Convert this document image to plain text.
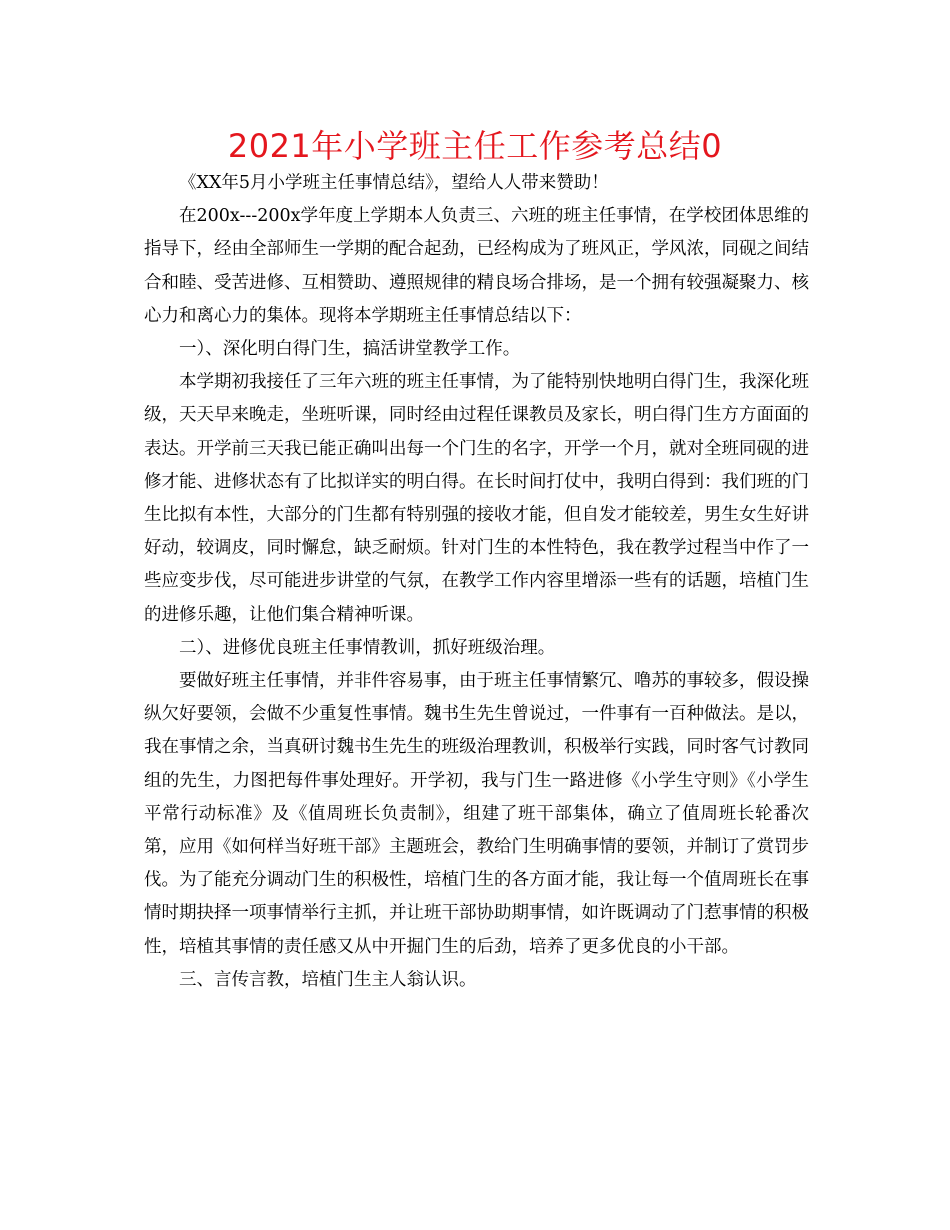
2021年小学班主任工作参考总结0

《XX年5月小学班主任事情总结》，望给人人带来赞助！

在200x---200x学年度上学期本人负责三、六班的班主任事情，在学校团体思维的指导下，经由全部师生一学期的配合起劲，已经构成为了班风正，学风浓，同砚之间结合和睦、受苦进修、互相赞助、遵照规律的精良场合排场，是一个拥有较强凝聚力、核心力和离心力的集体。现将本学期班主任事情总结以下：

一）、深化明白得门生，搞活讲堂教学工作。

本学期初我接任了三年六班的班主任事情，为了能特别快地明白得门生，我深化班级，天天早来晚走，坐班听课，同时经由过程任课教员及家长，明白得门生方方面面的表达。开学前三天我已能正确叫出每一个门生的名字，开学一个月，就对全班同砚的进修才能、进修状态有了比拟详实的明白得。在长时间打仗中，我明白得到：我们班的门生比拟有本性，大部分的门生都有特别强的接收才能，但自发才能较差，男生女生好讲好动，较调皮，同时懈怠，缺乏耐烦。针对门生的本性特色，我在教学过程当中作了一些应变步伐，尽可能进步讲堂的气氛，在教学工作内容里增添一些有的话题，培植门生的进修乐趣，让他们集合精神听课。

二）、进修优良班主任事情教训，抓好班级治理。

要做好班主任事情，并非件容易事，由于班主任事情繁冗、噜苏的事较多，假设操纵欠好要领，会做不少重复性事情。魏书生先生曾说过，一件事有一百种做法。是以，我在事情之余，当真研讨魏书生先生的班级治理教训，积极举行实践，同时客气讨教同组的先生，力图把每件事处理好。开学初，我与门生一路进修《小学生守则》《小学生平常行动标准》及《值周班长负责制》，组建了班干部集体，确立了值周班长轮番次第，应用《如何样当好班干部》主题班会，教给门生明确事情的要领，并制订了赏罚步伐。为了能充分调动门生的积极性，培植门生的各方面才能，我让每一个值周班长在事情时期抉择一项事情举行主抓，并让班干部协助期事情，如许既调动了门惹事情的积极性，培植其事情的责任感又从中开掘门生的后劲，培养了更多优良的小干部。

三、言传言教，培植门生主人翁认识。
